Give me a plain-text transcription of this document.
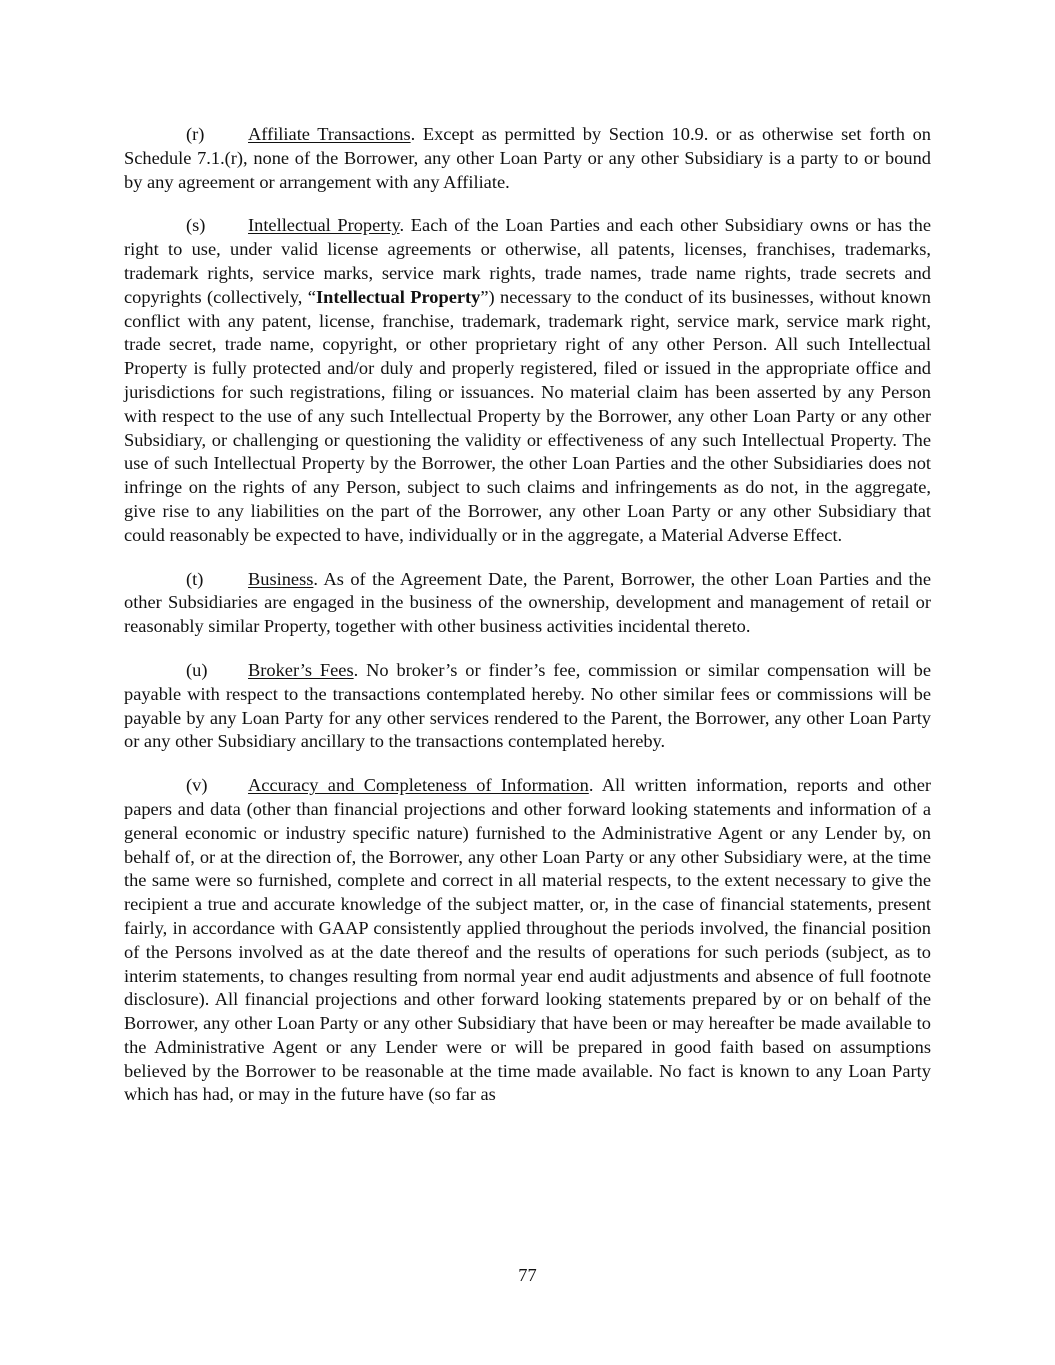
(r) Affiliate Transactions. Except as permitted by Section 10.9. or as otherwise set forth on Schedule 7.1.(r), none of the Borrower, any other Loan Party or any other Subsidiary is a party to or bound by any agreement or arrangement with any Affiliate.

(s) Intellectual Property. Each of the Loan Parties and each other Subsidiary owns or has the right to use, under valid license agreements or otherwise, all patents, licenses, franchises, trademarks, trademark rights, service marks, service mark rights, trade names, trade name rights, trade secrets and copyrights (collectively, “Intellectual Property”) necessary to the conduct of its businesses, without known conflict with any patent, license, franchise, trademark, trademark right, service mark, service mark right, trade secret, trade name, copyright, or other proprietary right of any other Person. All such Intellectual Property is fully protected and/or duly and properly registered, filed or issued in the appropriate office and jurisdictions for such registrations, filing or issuances. No material claim has been asserted by any Person with respect to the use of any such Intellectual Property by the Borrower, any other Loan Party or any other Subsidiary, or challenging or questioning the validity or effectiveness of any such Intellectual Property. The use of such Intellectual Property by the Borrower, the other Loan Parties and the other Subsidiaries does not infringe on the rights of any Person, subject to such claims and infringements as do not, in the aggregate, give rise to any liabilities on the part of the Borrower, any other Loan Party or any other Subsidiary that could reasonably be expected to have, individually or in the aggregate, a Material Adverse Effect.

(t) Business. As of the Agreement Date, the Parent, Borrower, the other Loan Parties and the other Subsidiaries are engaged in the business of the ownership, development and management of retail or reasonably similar Property, together with other business activities incidental thereto.

(u) Broker’s Fees. No broker’s or finder’s fee, commission or similar compensation will be payable with respect to the transactions contemplated hereby. No other similar fees or commissions will be payable by any Loan Party for any other services rendered to the Parent, the Borrower, any other Loan Party or any other Subsidiary ancillary to the transactions contemplated hereby.

(v) Accuracy and Completeness of Information. All written information, reports and other papers and data (other than financial projections and other forward looking statements and information of a general economic or industry specific nature) furnished to the Administrative Agent or any Lender by, on behalf of, or at the direction of, the Borrower, any other Loan Party or any other Subsidiary were, at the time the same were so furnished, complete and correct in all material respects, to the extent necessary to give the recipient a true and accurate knowledge of the subject matter, or, in the case of financial statements, present fairly, in accordance with GAAP consistently applied throughout the periods involved, the financial position of the Persons involved as at the date thereof and the results of operations for such periods (subject, as to interim statements, to changes resulting from normal year end audit adjustments and absence of full footnote disclosure). All financial projections and other forward looking statements prepared by or on behalf of the Borrower, any other Loan Party or any other Subsidiary that have been or may hereafter be made available to the Administrative Agent or any Lender were or will be prepared in good faith based on assumptions believed by the Borrower to be reasonable at the time made available. No fact is known to any Loan Party which has had, or may in the future have (so far as

77
